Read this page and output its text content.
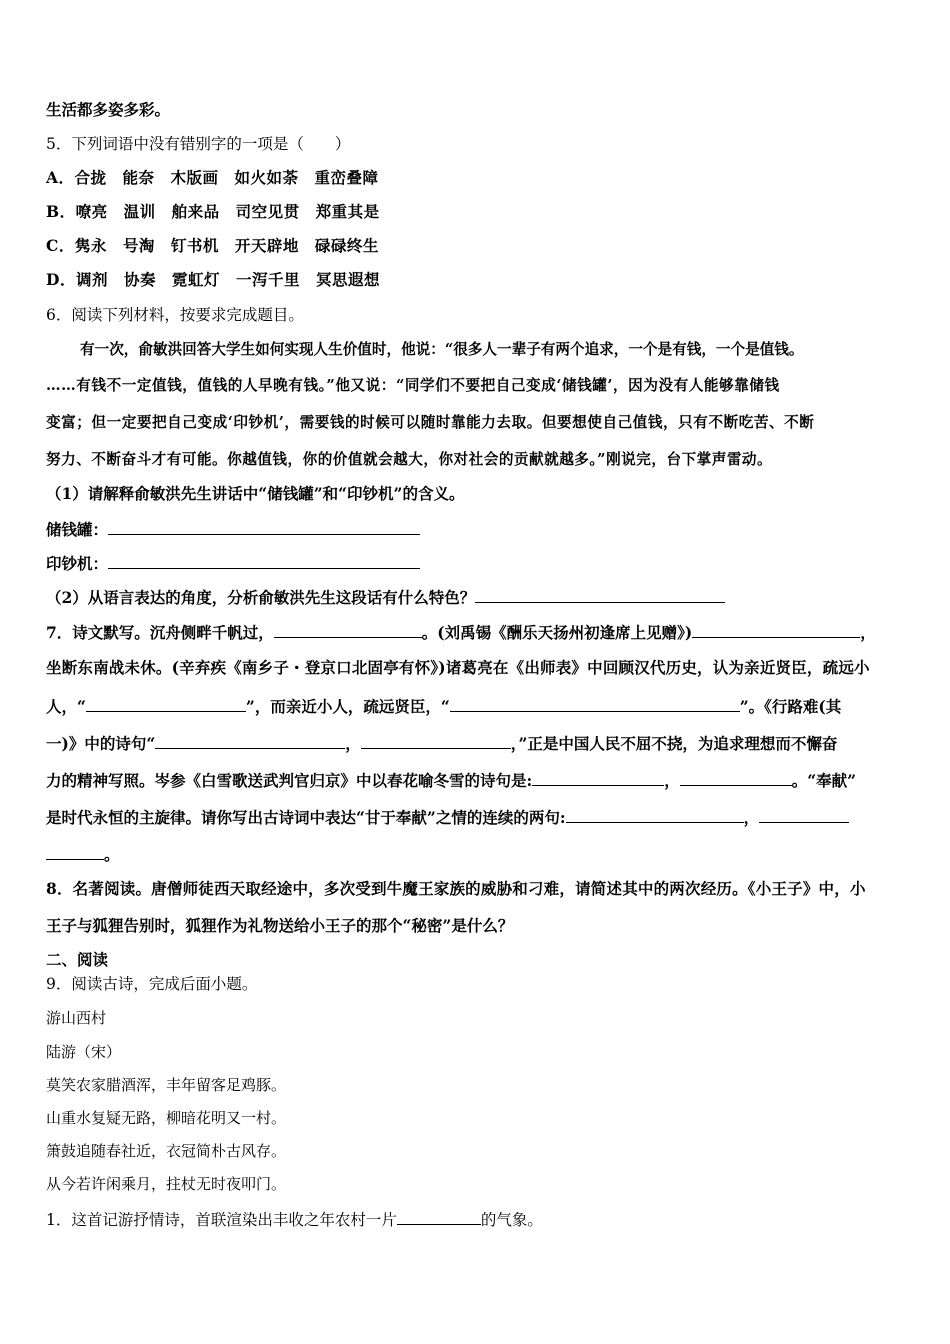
生活都多姿多彩。
5．下列词语中没有错别字的一项是（　　）
A．合拢　能奈　木版画　如火如荼　重峦叠障
B．嘹亮　温训　舶来品　司空见贯　郑重其是
C．隽永　号淘　钉书机　开天辟地　碌碌终生
D．调剂　协奏　霓虹灯　一泻千里　冥思遐想
6．阅读下列材料，按要求完成题目。
有一次，俞敏洪回答大学生如何实现人生价值时，他说：“很多人一辈子有两个追求，一个是有钱，一个是值钱。
……有钱不一定值钱，值钱的人早晚有钱。”他又说：“同学们不要把自己变成‘储钱罐’，因为没有人能够靠储钱
变富；但一定要把自己变成‘印钞机’，需要钱的时候可以随时靠能力去取。但要想使自己值钱，只有不断吃苦、不断
努力、不断奋斗才有可能。你越值钱，你的价值就会越大，你对社会的贡献就越多。”刚说完，台下掌声雷动。
（1）请解释俞敏洪先生讲话中“储钱罐”和“印钞机”的含义。
储钱罐：
印钞机：
（2）从语言表达的角度，分析俞敏洪先生这段话有什么特色？
7．诗文默写。沉舟侧畔千帆过，	。(刘禹锡《酬乐天扬州初逢席上见赠》)	，
坐断东南战未休。(辛弃疾《南乡子・登京口北固亭有怀》)诸葛亮在《出师表》中回顾汉代历史，认为亲近贤臣，疏远小
人，“	”，而亲近小人，疏远贤臣，“	”。《行路难(其
一)》中的诗句“	，	，”正是中国人民不屈不挠，为追求理想而不懈奋
力的精神写照。岑参《白雪歌送武判官归京》中以春花喻冬雪的诗句是:	，	。“奉献”
是时代永恒的主旋律。请你写出古诗词中表达“甘于奉献”之情的连续的两句:	，
。
8．名著阅读。唐僧师徒西天取经途中，多次受到牛魔王家族的威胁和刁难，请简述其中的两次经历。《小王子》中，小
王子与狐狸告别时，狐狸作为礼物送给小王子的那个“秘密”是什么？
二、阅读
9．阅读古诗，完成后面小题。
游山西村
陆游（宋）
莫笑农家腊酒浑，丰年留客足鸡豚。
山重水复疑无路，柳暗花明又一村。
箫鼓追随春社近，衣冠简朴古风存。
从今若许闲乘月，拄杖无时夜叩门。
1．这首记游抒情诗，首联渲染出丰收之年农村一片	的气象。
